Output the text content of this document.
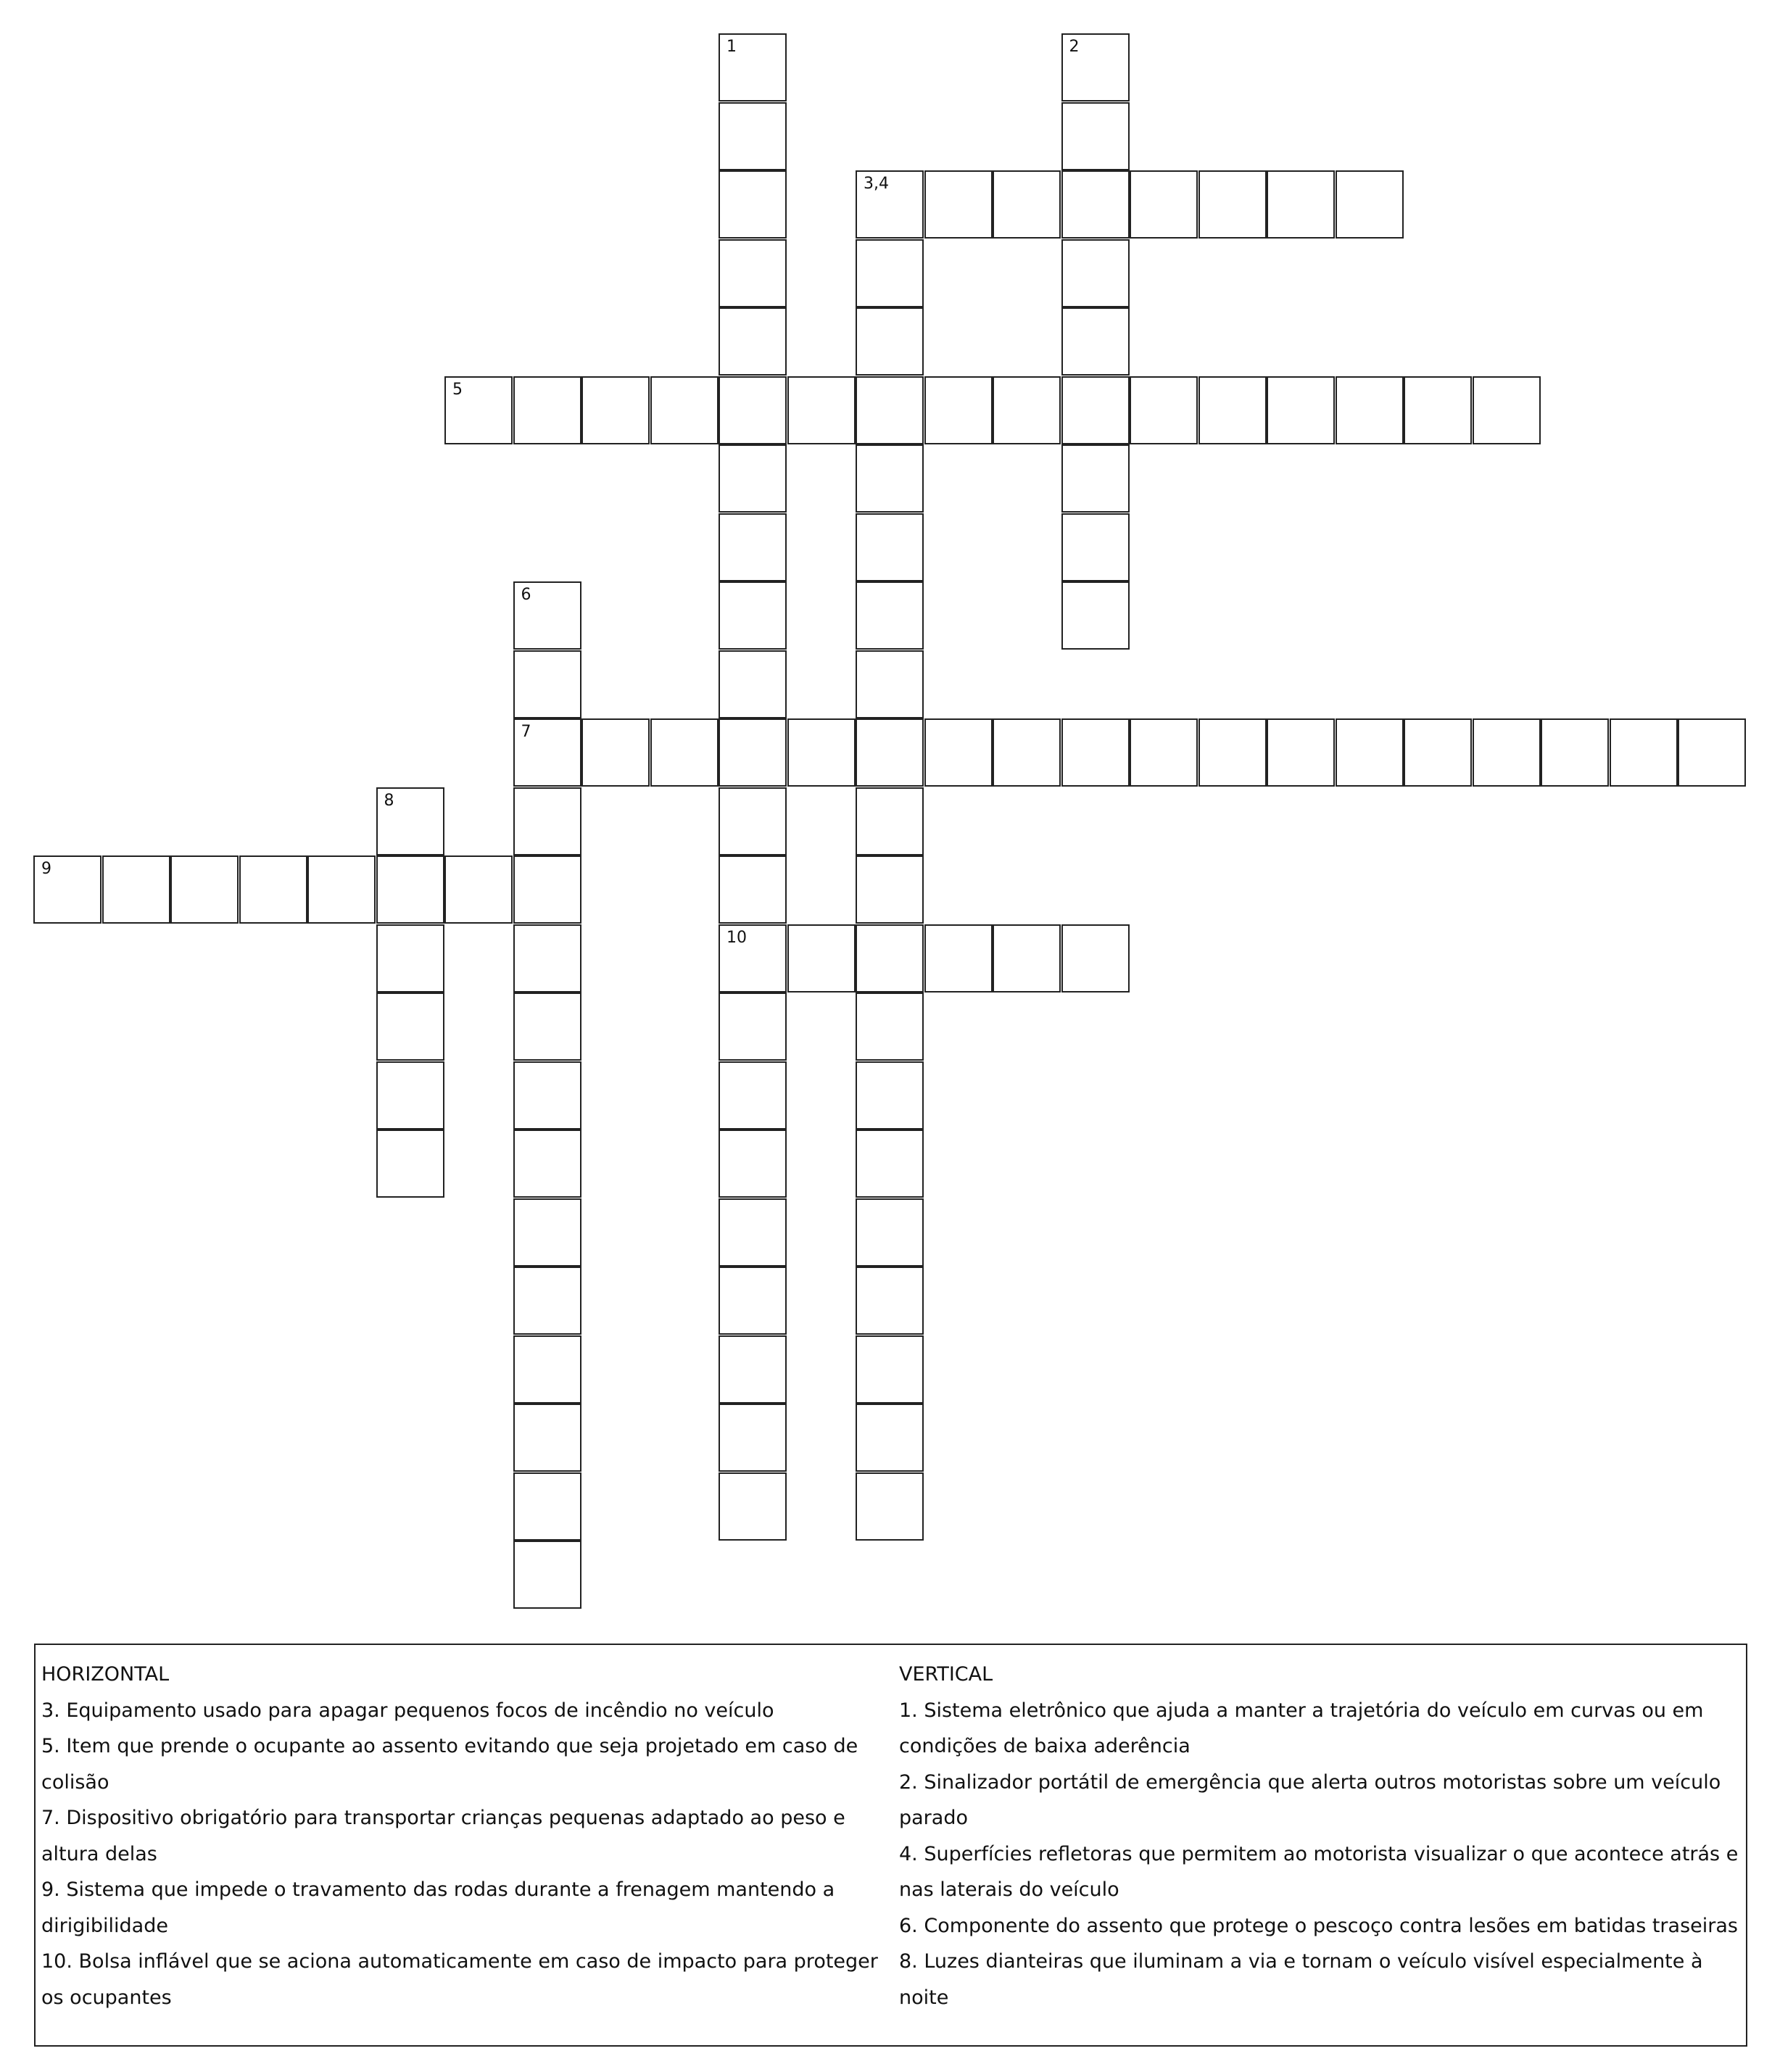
1	2
3,4
5
6
7
8
9
10
HORIZONTAL
3. Equipamento usado para apagar pequenos focos de incêndio no veículo
5. Item que prende o ocupante ao assento evitando que seja projetado em caso de
colisão
7. Dispositivo obrigatório para transportar crianças pequenas adaptado ao peso e
altura delas
9. Sistema que impede o travamento das rodas durante a frenagem mantendo a
dirigibilidade
10. Bolsa inflável que se aciona automaticamente em caso de impacto para proteger
os ocupantes
VERTICAL
1. Sistema eletrônico que ajuda a manter a trajetória do veículo em curvas ou em
condições de baixa aderência
2. Sinalizador portátil de emergência que alerta outros motoristas sobre um veículo
parado
4. Superfícies refletoras que permitem ao motorista visualizar o que acontece atrás e
nas laterais do veículo
6. Componente do assento que protege o pescoço contra lesões em batidas traseiras
8. Luzes dianteiras que iluminam a via e tornam o veículo visível especialmente à noite
